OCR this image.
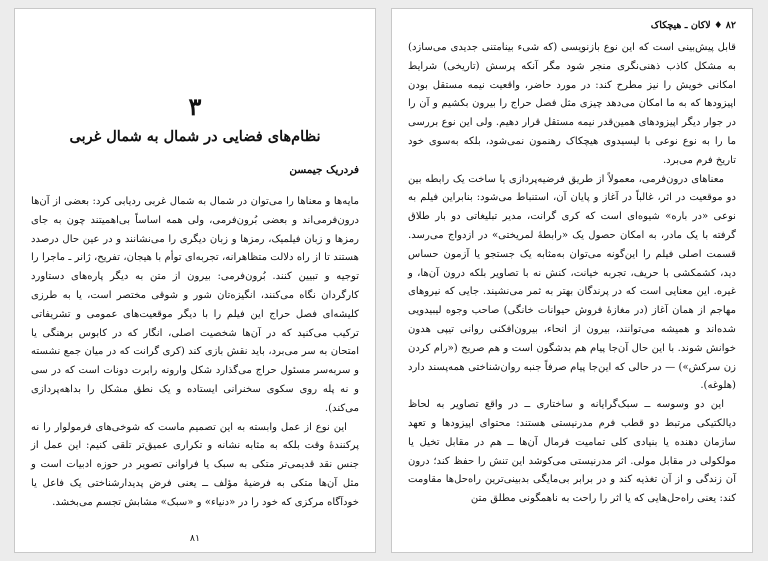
۳
نظام‌های فضایی در شمال به شمال غربی
فردریک جیمسن

مایه‌ها و معناها را می‌توان در شمال به شمال غربی ردیابی کرد: بعضی از آن‌ها درون‌فرمی‌اند و بعضی بُرون‌فرمی، ولی همه اساساً بی‌اهمیتند چون به جای رمزها و زبان فیلمیک، رمزها و زبان دیگری را می‌نشانند و در عین حال درصدد هستند تا از راه دلالت متظاهرانه، تجربه‌ای توأم با هیجان، تفریح، ژانر ـ ماجرا را توجیه و تبیین کنند. بُرون‌فرمی: بیرون از متن به دیگر پاره‌های دستاورد کارگردان نگاه می‌کنند، انگیزه‌تان شور و شوقی مختصر است، یا به طرزی کلیشه‌ای فصل حراج این فیلم را با دیگر موقعیت‌های عمومی و تشریفاتی ترکیب می‌کنید که در آن‌ها شخصیت اصلی، انگار که در کابوس برهنگی یا امتحان به سر می‌برد، باید نقش بازی کند (کری گرانت که در میان جمع نشسته و سربه‌سر مسئول حراج می‌گذارد شکل وارونه رابرت دونات است که در سی و نه پله روی سکوی سخنرانی ایستاده و یک نطق مشکل را بداهه‌پردازی می‌کند).

این نوع از عمل وابسته به این تصمیم ماست که شوخی‌های فرمولوار را نه پرکنندهٔ وقت بلکه به مثابه نشانه و تکراری عمیق‌تر تلقی کنیم: این عمل از جنس نقد قدیمی‌تر متکی به سبک یا فراوانی تصویر در حوزه ادبیات است و مثل آن‌ها متکی به فرضیهٔ مؤلف ــ یعنی فرض پدیدارشناختی یک فاعل یا خودآگاه مرکزی که خود را در «دنیاء» و «سبک» مشابش تجسم می‌بخشد.

۸۱
۸۲ ♦ لاکان ـ هیچکاک

قابل پیش‌بینی است که این نوع بازنویسی (که شیء بینامتنی جدیدی می‌سازد) به مشکل کاذب ذهنی‌نگری منجر شود مگر آنکه پرسش (تاریخی) شرایط امکانی خویش را نیز مطرح کند: در مورد حاضر، واقعیت نیمه مستقل بودن اپیزودها که به ما امکان می‌دهد چیزی مثل فصل حراج را بیرون بکشیم و آن را در جوار دیگر اپیزودهای همین‌قدر نیمه مستقل قرار دهیم. ولی این نوع بررسی ما را به نوع نوعی با لیسیدوی هیچکاک رهنمون نمی‌شود، بلکه به‌سوی خود تاریخ فرم می‌برد.

معناهای درون‌فرمی، معمولاً از طریق فرضیه‌پردازی یا ساخت یک رابطه بین دو موقعیت در اثر، غالباً در آغاز و پایان آن، استنباط می‌شود: بنابراین فیلم به نوعی «در باره» شیوه‌ای است که کری گرانت، مدیر تبلیغاتی دو بار طلاق گرفته با یک مادر، به امکان حصول یک «رابطهٔ لمریختی» در ازدواج می‌رسد. قسمت اصلی فیلم را این‌گونه می‌توان به‌مثابه یک جستجو یا آزمون حساس دید، کشمکشی با حریف، تجربه خیانت، کنش نه با تصاویر بلکه درون آن‌ها، و غیره. این معنایی است که در پرندگان بهتر به ثمر می‌نشیند. جایی که نیروهای مهاجم از همان آغاز (در مغازهٔ فروش حیوانات خانگی) صاحب وجوه لیبیدویی شده‌اند و همیشه می‌توانند، بیرون از انحاء، بیرون‌افکنی روانی تیپی هدون خوانش شوند. با این حال آن‌جا پیام هم بدشگون است و هم صریح («رام کردن زن سرکش») — در حالی که این‌جا پیام صرفاً جنبه روان‌شناختی همه‌پسند دارد (هلوغه).

این دو وسوسه ــ سبک‌گرایانه و ساختاری ــ در واقع تصاویر به لحاظ دیالکتیکی مرتبط دو قطب فرم مدرنیستی هستند: محتوای اپیزودها و تعهد سازمان دهنده یا بنیادی کلی تمامیت فرمال آن‌ها ــ هم در مقابل تخیل یا مولکولی در مقابل مولی. اثر مدرنیستی می‌کوشد این تنش را حفظ کند؛ درون آن زندگی و از آن تغذیه کند و در برابر بی‌مایگی بدبینی‌ترین راه‌حل‌ها مقاومت کند: یعنی راه‌حل‌هایی که یا اثر را راحت به ناهمگونی مطلق متن
